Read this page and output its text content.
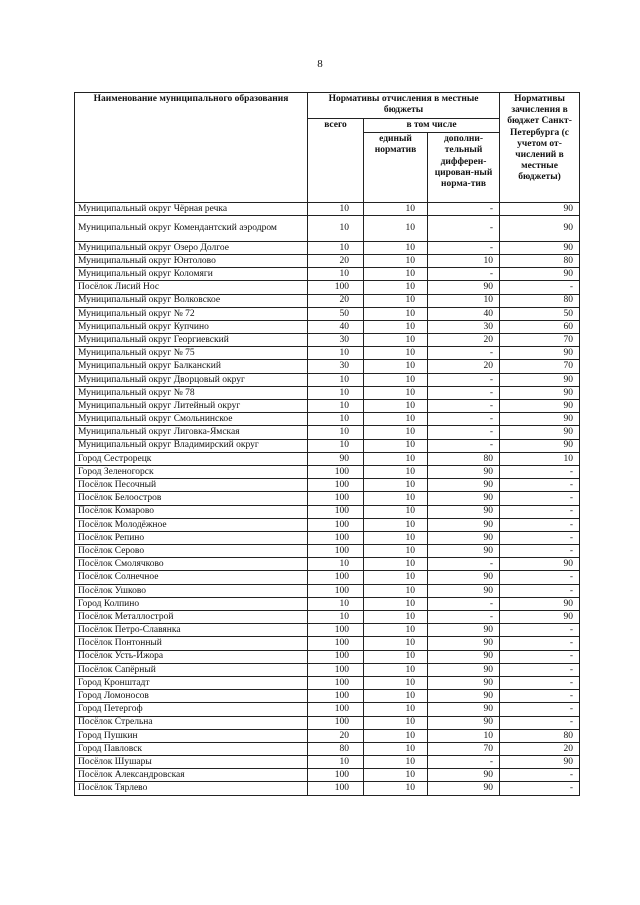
8
Наименование муниципального образования	Нормативы отчисления в местные бюджеты			Нормативы зачисления в бюджет Санкт-Петербурга (с учетом от-числений в местные бюджеты)
	всего	в том числе		
		единый норматив	дополни-тельный дифферен-цирован-ный норма-тив	
Муниципальный округ Чёрная речка	10	10	-	90
Муниципальный округ Комендантский аэродром	10	10	-	90
Муниципальный округ Озеро Долгое	10	10	-	90
Муниципальный округ Юнтолово	20	10	10	80
Муниципальный округ Коломяги	10	10	-	90
Посёлок Лисий Нос	100	10	90	-
Муниципальный округ Волковское	20	10	10	80
Муниципальный округ № 72	50	10	40	50
Муниципальный округ Купчино	40	10	30	60
Муниципальный округ Георгиевский	30	10	20	70
Муниципальный округ № 75	10	10	-	90
Муниципальный округ Балканский	30	10	20	70
Муниципальный округ Дворцовый округ	10	10	-	90
Муниципальный округ № 78	10	10	-	90
Муниципальный округ Литейный округ	10	10	-	90
Муниципальный округ Смольнинское	10	10	-	90
Муниципальный округ Лиговка-Ямская	10	10	-	90
Муниципальный округ Владимирский округ	10	10	-	90
Город Сестрорецк	90	10	80	10
Город Зеленогорск	100	10	90	-
Посёлок Песочный	100	10	90	-
Посёлок Белоостров	100	10	90	-
Посёлок Комарово	100	10	90	-
Посёлок Молодёжное	100	10	90	-
Посёлок Репино	100	10	90	-
Посёлок Серово	100	10	90	-
Посёлок Смолячково	10	10	-	90
Посёлок Солнечное	100	10	90	-
Посёлок Ушково	100	10	90	-
Город Колпино	10	10	-	90
Посёлок Металлострой	10	10	-	90
Посёлок Петро-Славянка	100	10	90	-
Посёлок Понтонный	100	10	90	-
Посёлок Усть-Ижора	100	10	90	-
Посёлок Сапёрный	100	10	90	-
Город Кронштадт	100	10	90	-
Город Ломоносов	100	10	90	-
Город Петергоф	100	10	90	-
Посёлок Стрельна	100	10	90	-
Город Пушкин	20	10	10	80
Город Павловск	80	10	70	20
Посёлок Шушары	10	10	-	90
Посёлок Александровская	100	10	90	-
Посёлок Тярлево	100	10	90	-
